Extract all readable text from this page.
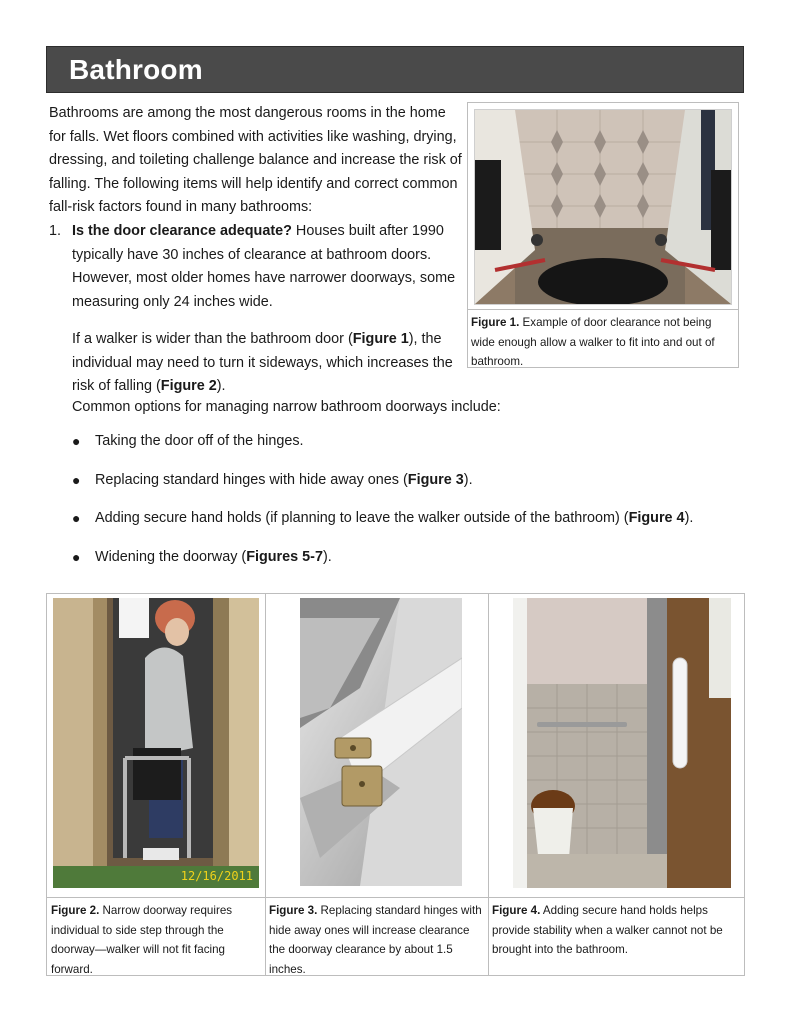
Bathroom

Bathrooms are among the most dangerous rooms in the home for falls. Wet floors combined with activities like washing, drying, dressing, and toileting challenge balance and increase the risk of falling. The following items will help identify and correct common fall-risk factors found in many bathrooms:

1. Is the door clearance adequate? Houses built after 1990 typically have 30 inches of clearance at bathroom doors. However, most older homes have narrower doorways, some measuring only 24 inches wide.

If a walker is wider than the bathroom door (Figure 1), the individual may need to turn it sideways, which increases the risk of falling (Figure 2).

Common options for managing narrow bathroom doorways include:

● Taking the door off of the hinges.
● Replacing standard hinges with hide away ones (Figure 3).
● Adding secure hand holds (if planning to leave the walker outside of the bathroom) (Figure 4).
● Widening the doorway (Figures 5-7).

Figure 1. Example of door clearance not being wide enough allow a walker to fit into and out of bathroom.

12/16/2011

Figure 2. Narrow doorway requires individual to side step through the doorway—walker will not fit facing forward.

Figure 3. Replacing standard hinges with hide away ones will increase clearance the doorway clearance by about 1.5 inches.

Figure 4. Adding secure hand holds helps provide stability when a walker cannot not be brought into the bathroom.
